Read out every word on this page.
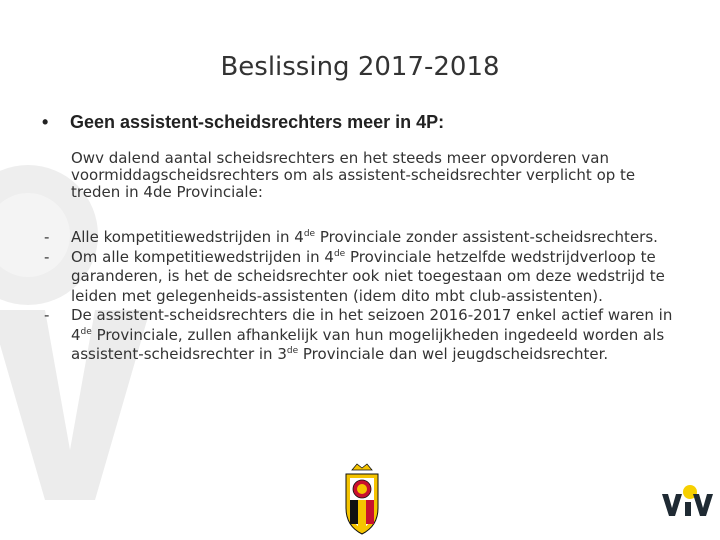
Beslissing 2017-2018
• Geen assistent-scheidsrechters meer in 4P:
Owv dalend aantal scheidsrechters en het steeds meer opvorderen van voormiddagscheidsrechters om als assistent-scheidsrechter verplicht op te treden in 4de Provinciale:
- Alle kompetitiewedstrijden in 4de Provinciale zonder assistent-scheidsrechters.
- Om alle kompetitiewedstrijden in 4de Provinciale hetzelfde wedstrijdverloop te garanderen, is het de scheidsrechter ook niet toegestaan om deze wedstrijd te leiden met gelegenheids-assistenten (idem dito mbt club-assistenten).
- De assistent-scheidsrechters die in het seizoen 2016-2017 enkel actief waren in 4de Provinciale, zullen afhankelijk van hun mogelijkheden ingedeeld worden als assistent-scheidsrechter in 3de Provinciale dan wel jeugdscheidsrechter.
